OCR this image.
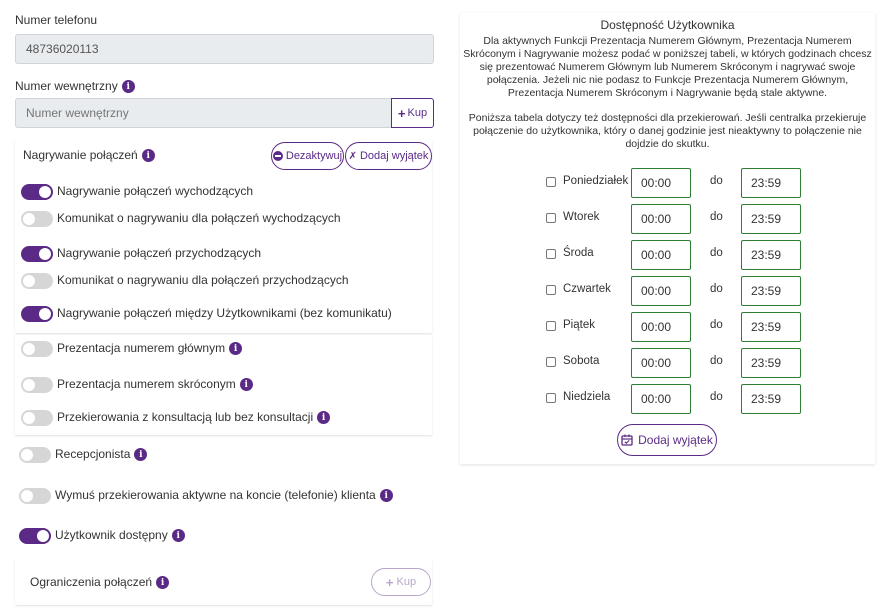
Numer telefonu
48736020113
Numer wewnętrzny i
Numer wewnętrzny
+ Kup
Nagrywanie połączeń i	Dezaktywuj ✗ Dodaj wyjątek
Nagrywanie połączeń wychodzących
Komunikat o nagrywaniu dla połączeń wychodzących
Nagrywanie połączeń przychodzących
Komunikat o nagrywaniu dla połączeń przychodzących
Nagrywanie połączeń między Użytkownikami (bez komunikatu)
Prezentacja numerem głównym i
Prezentacja numerem skróconym i
Przekierowania z konsultacją lub bez konsultacji i
Recepcjonista i
Wymuś przekierowania aktywne na koncie (telefonie) klienta i
Użytkownik dostępny i
Ograniczenia połączeń i	+ Kup
Dostępność Użytkownika
Dla aktywnych Funkcji Prezentacja Numerem Głównym, Prezentacja Numerem
Skróconym i Nagrywanie możesz podać w poniższej tabeli, w których godzinach chcesz
się prezentować Numerem Głównym lub Numerem Skróconym i nagrywać swoje
połączenia. Jeżeli nic nie podasz to Funkcje Prezentacja Numerem Głównym,
Prezentacja Numerem Skróconym i Nagrywanie będą stale aktywne.
Poniższa tabela dotyczy też dostępności dla przekierowań. Jeśli centralka przekieruje
połączenie do użytkownika, który o danej godzinie jest nieaktywny to połączenie nie
dojdzie do skutku.
Poniedziałek	00:00	do	23:59
Wtorek	00:00	do	23:59
Środa	00:00	do	23:59
Czwartek	00:00	do	23:59
Piątek	00:00	do	23:59
Sobota	00:00	do	23:59
Niedziela	00:00	do	23:59
Dodaj wyjątek
